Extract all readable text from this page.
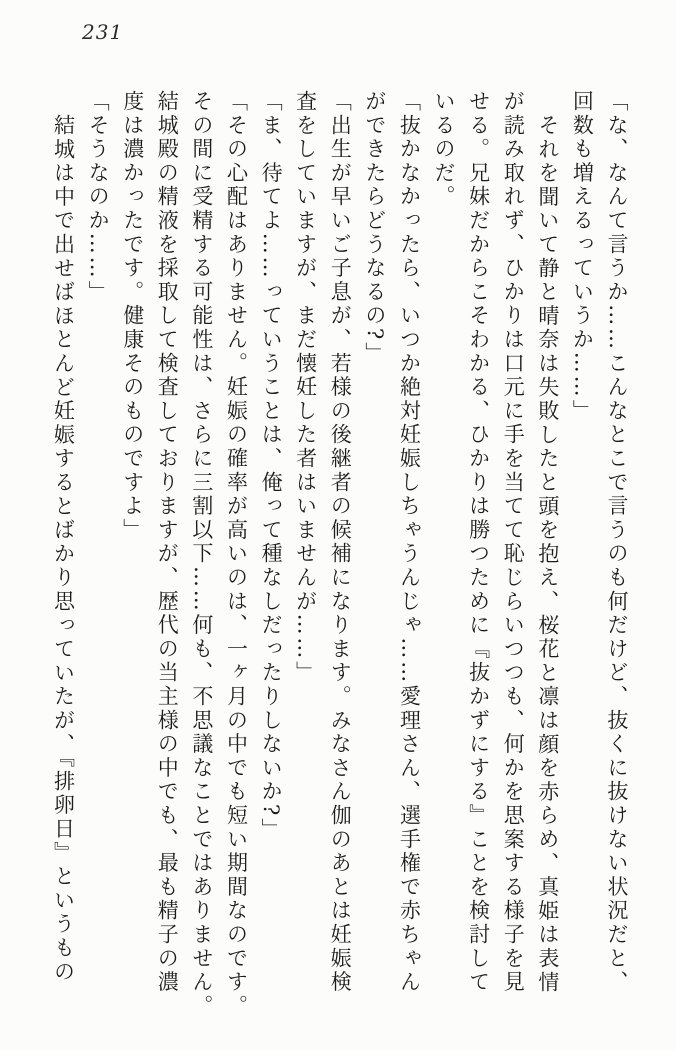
231
「な、なんて言うか……こんなとこで言うのも何だけど、抜くに抜けない状況だと、
回数も増えるっていうか……」
それを聞いて静と晴奈は失敗したと頭を抱え、桜花と凛は顔を赤らめ、真姫は表情
が読み取れず、ひかりは口元に手を当てて恥じらいつつも、何かを思案する様子を見
せる。兄妹だからこそわかる、ひかりは勝つために『抜かずにする』ことを検討して
いるのだ。
「抜かなかったら、いつか絶対妊娠しちゃうんじゃ……愛理さん、選手権で赤ちゃん
ができたらどうなるの?」
「出生が早いご子息が、若様の後継者の候補になります。みなさん伽のあとは妊娠検
査をしていますが、まだ懐妊した者はいませんが……」
「ま、待てよ……っていうことは、俺って種なしだったりしないか?」
「その心配はありません。妊娠の確率が高いのは、一ヶ月の中でも短い期間なのです。
その間に受精する可能性は、さらに三割以下……何も、不思議なことではありません。
結城殿の精液を採取して検査しておりますが、歴代の当主様の中でも、最も精子の濃
度は濃かったです。健康そのものですよ」
「そうなのか……」
結城は中で出せばほとんど妊娠するとばかり思っていたが、『排卵日』というもの
